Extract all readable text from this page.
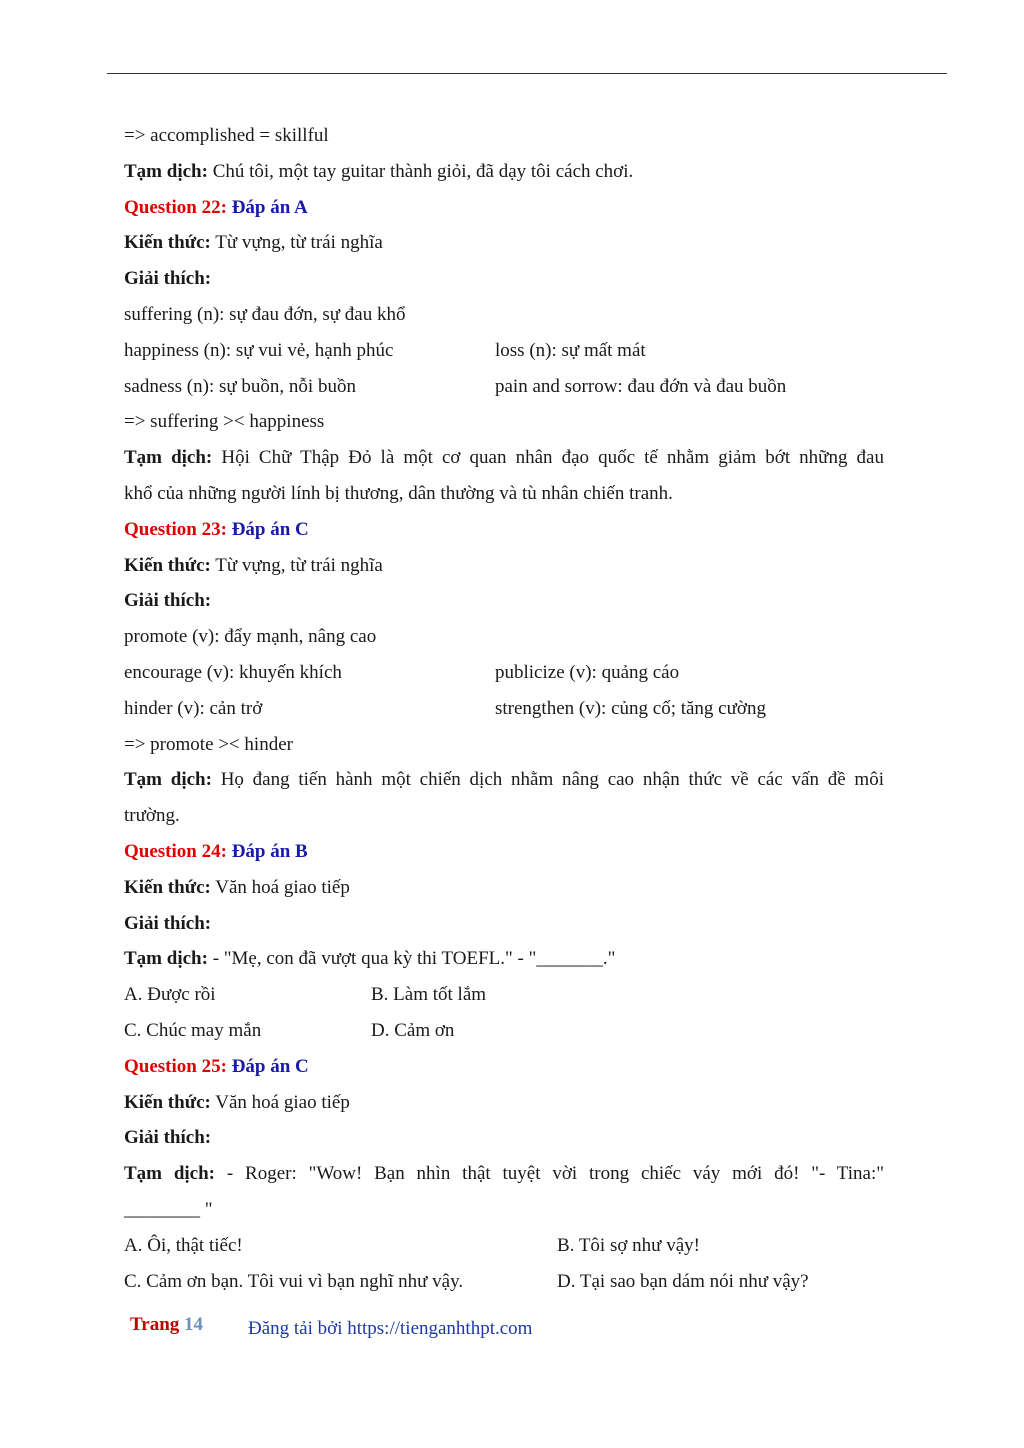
=> accomplished = skillful
Tạm dịch: Chú tôi, một tay guitar thành giỏi, đã dạy tôi cách chơi.
Question 22: Đáp án A
Kiến thức: Từ vựng, từ trái nghĩa
Giải thích:
suffering (n): sự đau đớn, sự đau khổ
happiness (n): sự vui vẻ, hạnh phúc	loss (n): sự mất mát
sadness (n): sự buồn, nỗi buồn	pain and sorrow: đau đớn và đau buồn
=> suffering >< happiness
Tạm dịch: Hội Chữ Thập Đỏ là một cơ quan nhân đạo quốc tế nhằm giảm bớt những đau
khổ của những người lính bị thương, dân thường và tù nhân chiến tranh.
Question 23: Đáp án C
Kiến thức: Từ vựng, từ trái nghĩa
Giải thích:
promote (v): đẩy mạnh, nâng cao
encourage (v): khuyến khích	publicize (v): quảng cáo
hinder (v): cản trở	strengthen (v): củng cố; tăng cường
=> promote >< hinder
Tạm dịch: Họ đang tiến hành một chiến dịch nhằm nâng cao nhận thức về các vấn đề môi
trường.
Question 24: Đáp án B
Kiến thức: Văn hoá giao tiếp
Giải thích:
Tạm dịch: - "Mẹ, con đã vượt qua kỳ thi TOEFL." - "_______."
A. Được rồi	B. Làm tốt lắm
C. Chúc may mắn	D. Cảm ơn
Question 25: Đáp án C
Kiến thức: Văn hoá giao tiếp
Giải thích:
Tạm dịch: - Roger: "Wow! Bạn nhìn thật tuyệt vời trong chiếc váy mới đó! "- Tina:"
________ "
A. Ôi, thật tiếc!	B. Tôi sợ như vậy!
C. Cảm ơn bạn. Tôi vui vì bạn nghĩ như vậy.	D. Tại sao bạn dám nói như vậy?
Trang 14 Đăng tải bởi https://tienganhthpt.com
